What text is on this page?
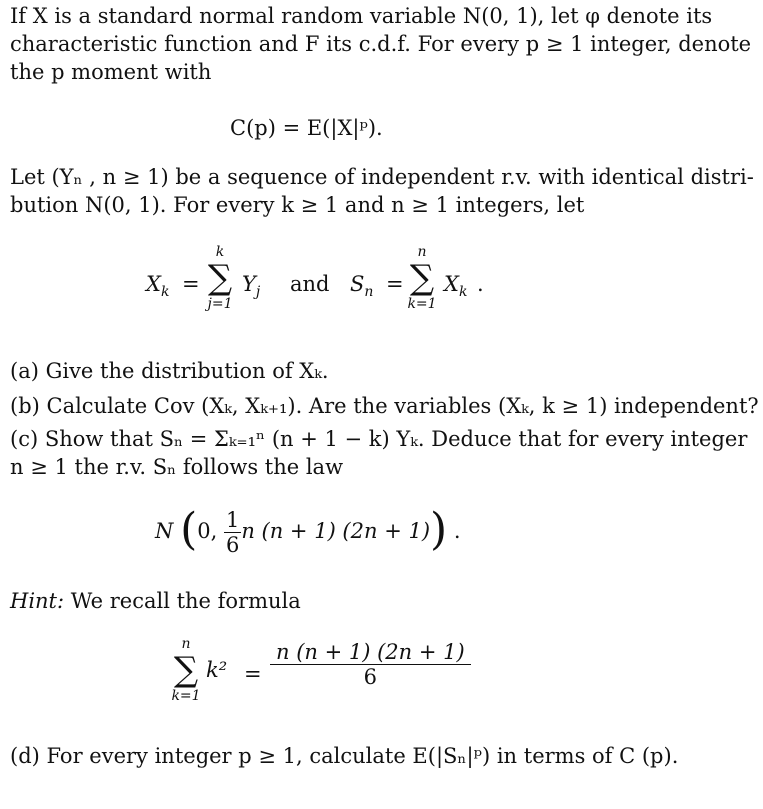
If X is a standard normal random variable N(0, 1), let φ denote its
characteristic function and F its c.d.f. For every p ≥ 1 integer, denote
the p moment with
C(p) = E(|X|ᵖ).
Let (Yₙ , n ≥ 1) be a sequence of independent r.v. with identical distri-
bution N(0, 1). For every k ≥ 1 and n ≥ 1 integers, let
$X_k$ =
k
∑
j=1
$Y_j$ and $S_n$ =
n
∑
k=1
$X_k$ .
(a) Give the distribution of Xₖ.
(b) Calculate Cov (Xₖ, Xₖ₊₁). Are the variables (Xₖ, k ≥ 1) independent?
(c) Show that Sₙ = Σₖ₌₁ⁿ (n + 1 − k) Yₖ. Deduce that for every integer
n ≥ 1 the r.v. Sₙ follows the law
N (0, $\frac{1}{6}$ n (n + 1) (2n + 1)) .
Hint: We recall the formula
n
∑
k=1
$k^2 = \frac{n (n + 1) (2n + 1)}{6}$
(d) For every integer p ≥ 1, calculate E(|Sₙ|ᵖ) in terms of C (p).
